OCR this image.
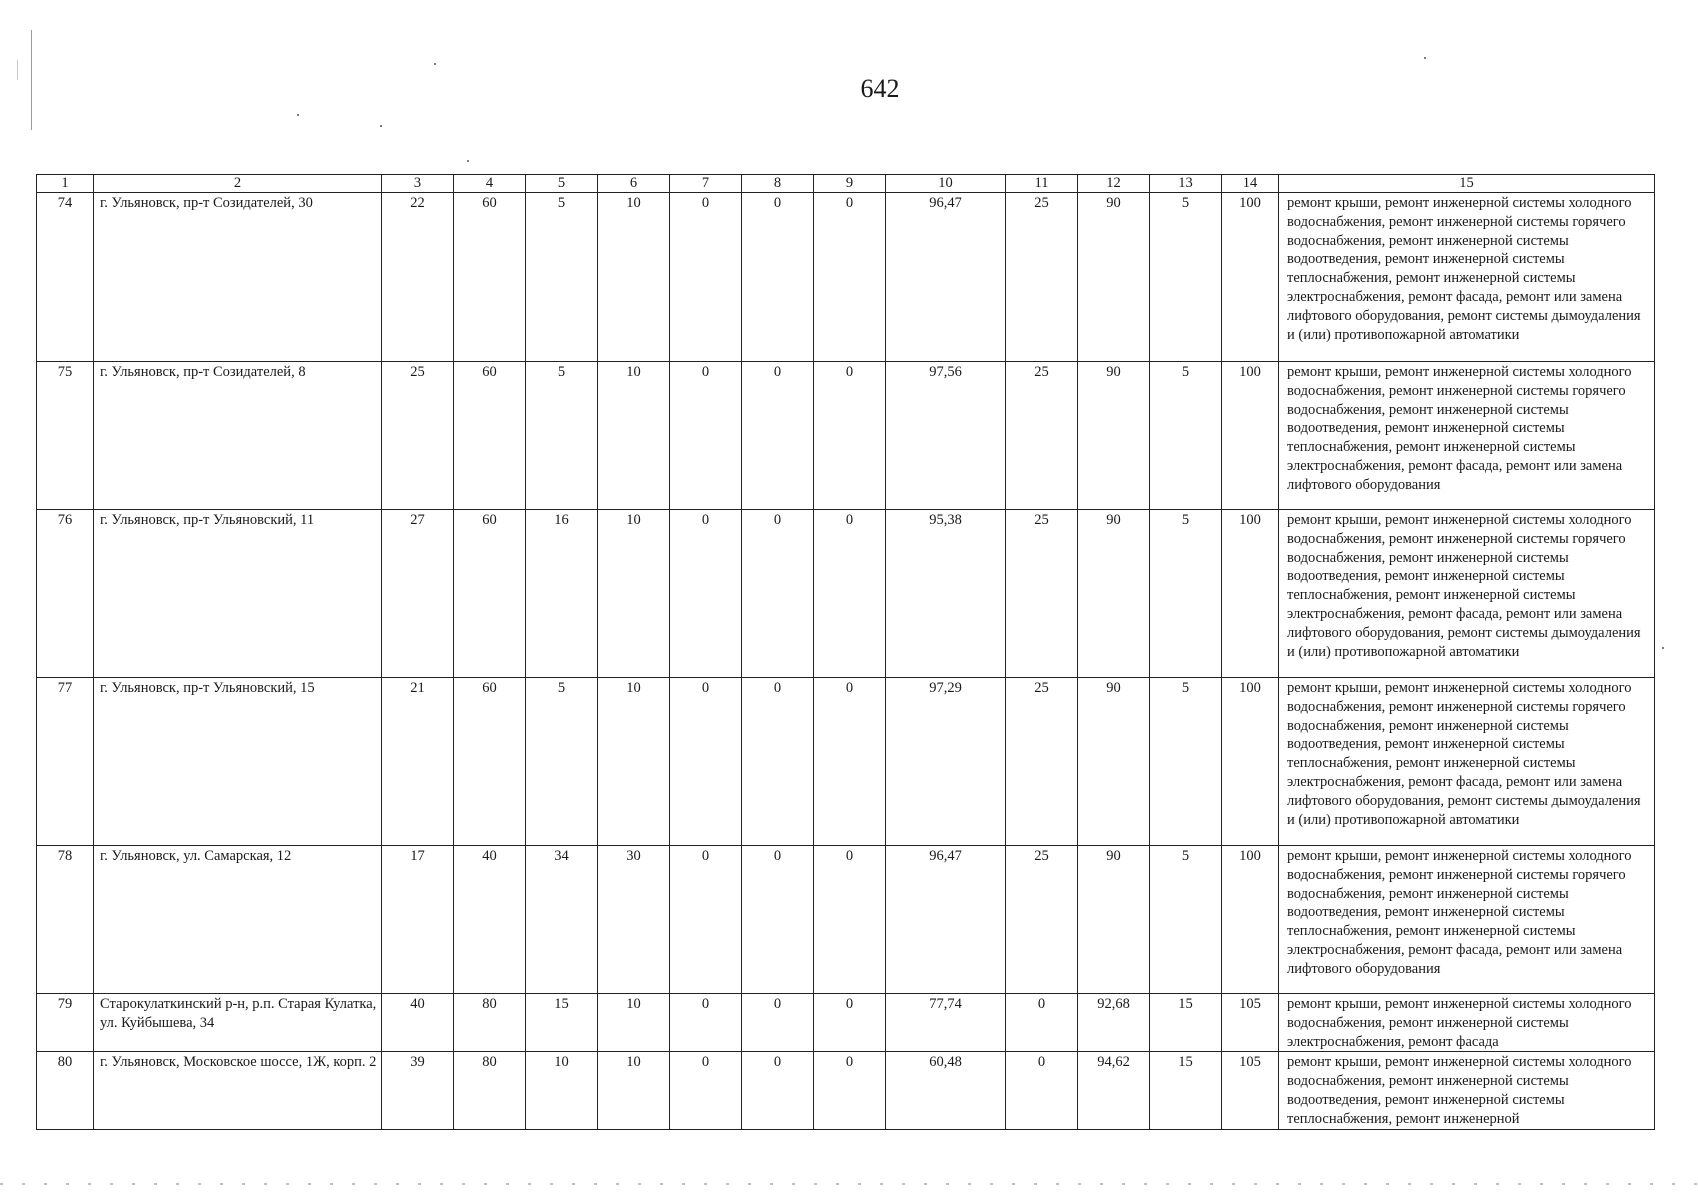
642
1	2	3	4	5	6	7	8	9	10	11	12	13	14	15
74	г. Ульяновск, пр-т Созидателей, 30	22	60	5	10	0	0	0	96,47	25	90	5	100	ремонт крыши, ремонт инженерной системы холодного водоснабжения, ремонт инженерной системы горячего водоснабжения, ремонт инженерной системы водоотведения, ремонт инженерной системы теплоснабжения, ремонт инженерной системы электроснабжения, ремонт фасада, ремонт или замена лифтового оборудования, ремонт системы дымоудаления и (или) противопожарной автоматики
75	г. Ульяновск, пр-т Созидателей, 8	25	60	5	10	0	0	0	97,56	25	90	5	100	ремонт крыши, ремонт инженерной системы холодного водоснабжения, ремонт инженерной системы горячего водоснабжения, ремонт инженерной системы водоотведения, ремонт инженерной системы теплоснабжения, ремонт инженерной системы электроснабжения, ремонт фасада, ремонт или замена лифтового оборудования
76	г. Ульяновск, пр-т Ульяновский, 11	27	60	16	10	0	0	0	95,38	25	90	5	100	ремонт крыши, ремонт инженерной системы холодного водоснабжения, ремонт инженерной системы горячего водоснабжения, ремонт инженерной системы водоотведения, ремонт инженерной системы теплоснабжения, ремонт инженерной системы электроснабжения, ремонт фасада, ремонт или замена лифтового оборудования, ремонт системы дымоудаления и (или) противопожарной автоматики
77	г. Ульяновск, пр-т Ульяновский, 15	21	60	5	10	0	0	0	97,29	25	90	5	100	ремонт крыши, ремонт инженерной системы холодного водоснабжения, ремонт инженерной системы горячего водоснабжения, ремонт инженерной системы водоотведения, ремонт инженерной системы теплоснабжения, ремонт инженерной системы электроснабжения, ремонт фасада, ремонт или замена лифтового оборудования, ремонт системы дымоудаления и (или) противопожарной автоматики
78	г. Ульяновск, ул. Самарская, 12	17	40	34	30	0	0	0	96,47	25	90	5	100	ремонт крыши, ремонт инженерной системы холодного водоснабжения, ремонт инженерной системы горячего водоснабжения, ремонт инженерной системы водоотведения, ремонт инженерной системы теплоснабжения, ремонт инженерной системы электроснабжения, ремонт фасада, ремонт или замена лифтового оборудования
79	Старокулаткинский р-н, р.п. Старая Кулатка, ул. Куйбышева, 34	40	80	15	10	0	0	0	77,74	0	92,68	15	105	ремонт крыши, ремонт инженерной системы холодного водоснабжения, ремонт инженерной системы электроснабжения, ремонт фасада
80	г. Ульяновск, Московское шоссе, 1Ж, корп. 2	39	80	10	10	0	0	0	60,48	0	94,62	15	105	ремонт крыши, ремонт инженерной системы холодного водоснабжения, ремонт инженерной системы водоотведения, ремонт инженерной системы теплоснабжения, ремонт инженерной
